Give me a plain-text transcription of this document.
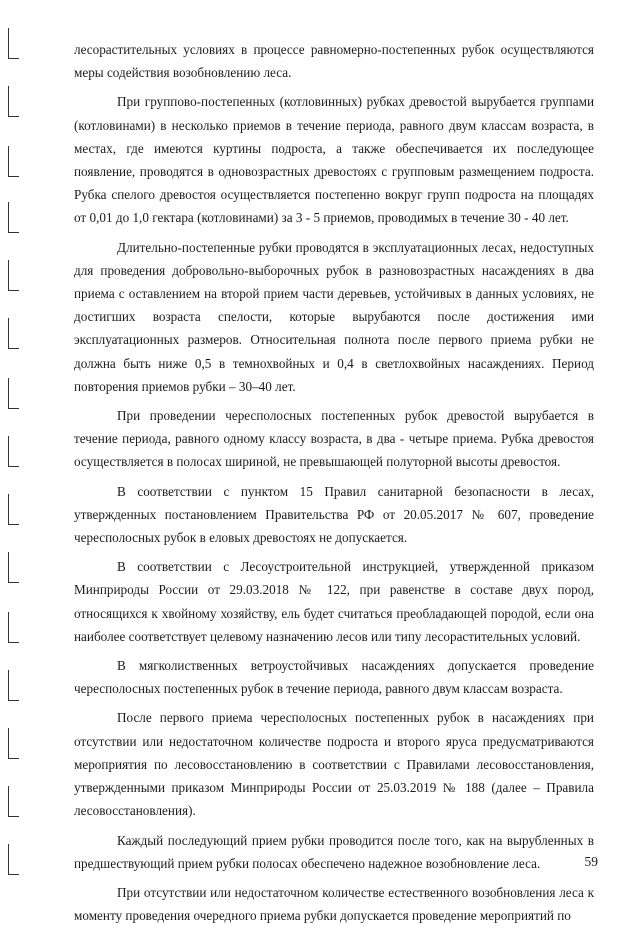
лесорастительных условиях в процессе равномерно-постепенных рубок осуществляются меры содействия возобновлению леса.

При группово-постепенных (котловинных) рубках древостой вырубается группами (котловинами) в несколько приемов в течение периода, равного двум классам возраста, в местах, где имеются куртины подроста, а также обеспечивается их последующее появление, проводятся в одновозрастных древостоях с групповым размещением подроста. Рубка спелого древостоя осуществляется постепенно вокруг групп подроста на площадях от 0,01 до 1,0 гектара (котловинами) за 3 - 5 приемов, проводимых в течение 30 - 40 лет.

Длительно-постепенные рубки проводятся в эксплуатационных лесах, недоступных для проведения добровольно-выборочных рубок в разновозрастных насаждениях в два приема с оставлением на второй прием части деревьев, устойчивых в данных условиях, не достигших возраста спелости, которые вырубаются после достижения ими эксплуатационных размеров. Относительная полнота после первого приема рубки не должна быть ниже 0,5 в темнохвойных и 0,4 в светлохвойных насаждениях. Период повторения приемов рубки – 30–40 лет.

При проведении чересполосных постепенных рубок древостой вырубается в течение периода, равного одному классу возраста, в два - четыре приема. Рубка древостоя осуществляется в полосах шириной, не превышающей полуторной высоты древостоя.

В соответствии с пунктом 15 Правил санитарной безопасности в лесах, утвержденных постановлением Правительства РФ от 20.05.2017 № 607, проведение чересполосных рубок в еловых древостоях не допускается.

В соответствии с Лесоустроительной инструкцией, утвержденной приказом Минприроды России от 29.03.2018 № 122, при равенстве в составе двух пород, относящихся к хвойному хозяйству, ель будет считаться преобладающей породой, если она наиболее соответствует целевому назначению лесов или типу лесорастительных условий.

В мягколиственных ветроустойчивых насаждениях допускается проведение чересполосных постепенных рубок в течение периода, равного двум классам возраста.

После первого приема чересполосных постепенных рубок в насаждениях при отсутствии или недостаточном количестве подроста и второго яруса предусматриваются мероприятия по лесовосстановлению в соответствии с Правилами лесовосстановления, утвержденными приказом Минприроды России от 25.03.2019 № 188 (далее – Правила лесовосстановления).

Каждый последующий прием рубки проводится после того, как на вырубленных в предшествующий прием рубки полосах обеспечено надежное возобновление леса.

При отсутствии или недостаточном количестве естественного возобновления леса к моменту проведения очередного приема рубки допускается проведение мероприятий по

59
